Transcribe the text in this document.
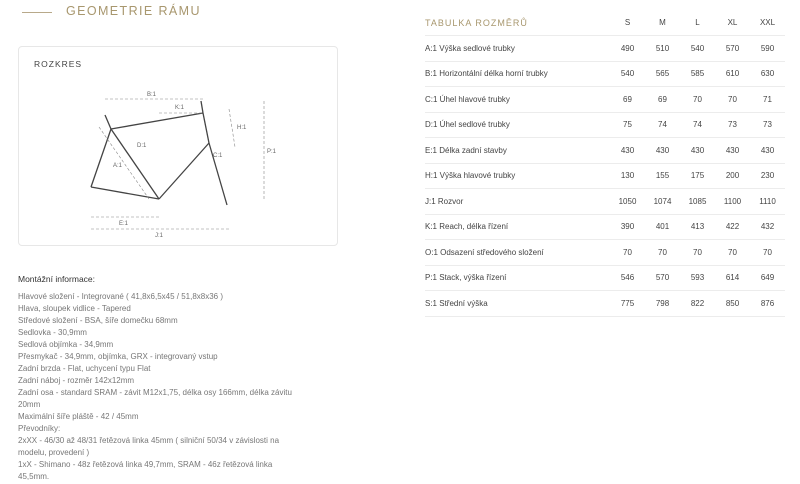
GEOMETRIE RÁMU
ROZKRES
B:1
K:1
A:1
D:1
C:1
H:1
P:1
E:1
J:1
Montážní informace:
Hlavové složení - Integrované ( 41,8x6,5x45 / 51,8x8x36 )
Hlava, sloupek vidlice - Tapered
Středové složení - BSA, šíře domečku 68mm
Sedlovka - 30,9mm
Sedlová objímka - 34,9mm
Přesmykač - 34,9mm, objímka, GRX - integrovaný vstup
Zadní brzda - Flat, uchycení typu Flat
Zadní náboj - rozměr 142x12mm
Zadní osa - standard SRAM - závit M12x1,75, délka osy 166mm, délka závitu
20mm
Maximální šíře pláště - 42 / 45mm
Převodníky:
2xXX - 46/30 až 48/31 řetězová linka 45mm ( silniční 50/34 v závislosti na
modelu, provedení )
1xX - Shimano - 48z řetězová linka 49,7mm, SRAM - 46z řetězová linka
45,5mm.
TABULKA ROZMĚRŮ	S	M	L	XL	XXL
A:1 Výška sedlové trubky	490	510	540	570	590
B:1 Horizontální délka horní trubky	540	565	585	610	630
C:1 Úhel hlavové trubky	69	69	70	70	71
D:1 Úhel sedlové trubky	75	74	74	73	73
E:1 Délka zadní stavby	430	430	430	430	430
H:1 Výška hlavové trubky	130	155	175	200	230
J:1 Rozvor	1050	1074	1085	1100	1110
K:1 Reach, délka řízení	390	401	413	422	432
O:1 Odsazení středového složení	70	70	70	70	70
P:1 Stack, výška řízení	546	570	593	614	649
S:1 Střední výška	775	798	822	850	876
